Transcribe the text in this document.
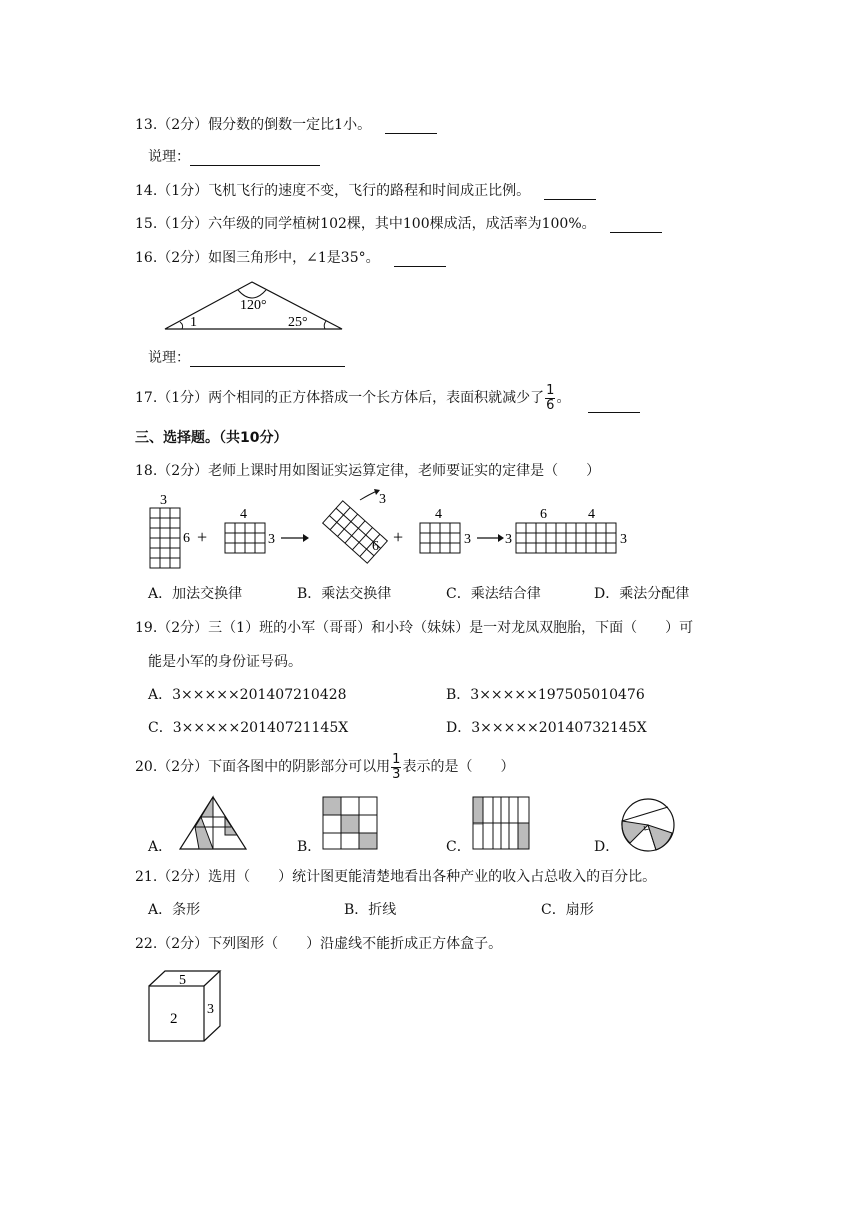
13.（2分）假分数的倒数一定比1小。
说理：
14.（1分）飞机飞行的速度不变，飞行的路程和时间成正比例。
15.（1分）六年级的同学植树102棵，其中100棵成活，成活率为100%。
16.（2分）如图三角形中，∠1是35°。
120°
1	25°
说理：
17.（1分）两个相同的正方体搭成一个长方体后，表面积就减少了 $\frac{1}{6}$ 。
三、选择题。（共10分）
18.（2分）老师上课时用如图证实运算定律，老师要证实的定律是（　　）
3
6 +
4
3
3
6 +
4
3 3
6	4
3
A．加法交换律	B．乘法交换律	C．乘法结合律	D．乘法分配律
19.（2分）三（1）班的小军（哥哥）和小玲（妹妹）是一对龙凤双胞胎，下面（　　）可
能是小军的身份证号码。
A．3×××××201407210428	B．3×××××197505010476
C．3×××××20140721145X	D．3×××××20140732145X
20.（2分）下面各图中的阴影部分可以用 $\frac{1}{3}$ 表示的是（　　）
A．	B．	C．	D．
21.（2分）选用（　　）统计图更能清楚地看出各种产业的收入占总收入的百分比。
A．条形	B．折线	C．扇形
22.（2分）下列图形（　　）沿虚线不能折成正方体盒子。
5
2
3
